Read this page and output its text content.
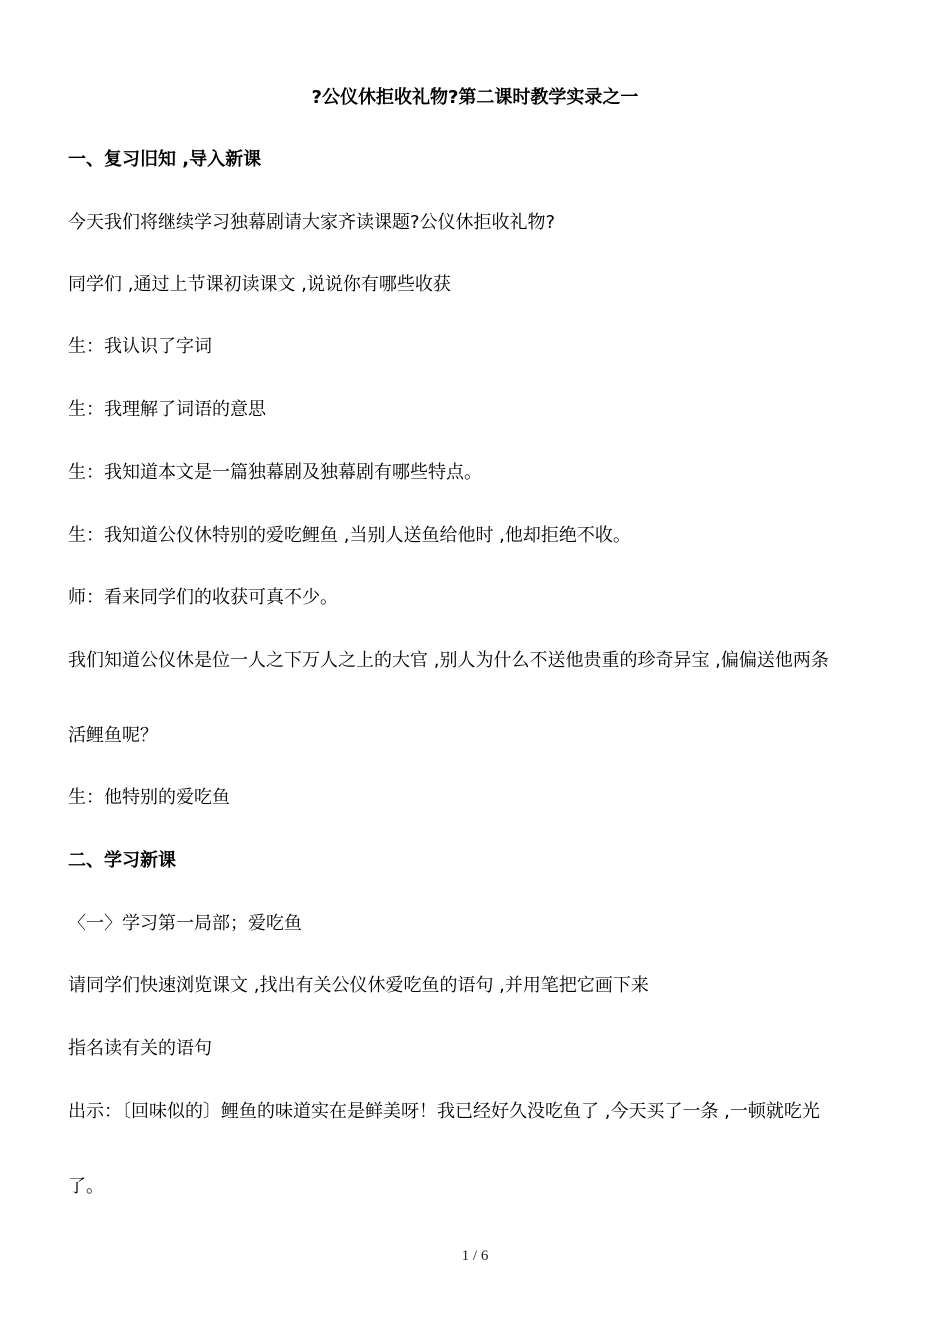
?公仪休拒收礼物?第二课时教学实录之一
一、复习旧知 ,导入新课
今天我们将继续学习独幕剧请大家齐读课题?公仪休拒收礼物?
同学们 ,通过上节课初读课文 ,说说你有哪些收获
生：我认识了字词
生：我理解了词语的意思
生：我知道本文是一篇独幕剧及独幕剧有哪些特点。
生：我知道公仪休特别的爱吃鲤鱼 ,当别人送鱼给他时 ,他却拒绝不收。
师：看来同学们的收获可真不少。
我们知道公仪休是位一人之下万人之上的大官 ,别人为什么不送他贵重的珍奇异宝 ,偏偏送他两条
活鲤鱼呢？
生：他特别的爱吃鱼
二、学习新课
〈一〉学习第一局部；爱吃鱼
请同学们快速浏览课文 ,找出有关公仪休爱吃鱼的语句 ,并用笔把它画下来
指名读有关的语句
出示：〔回味似的〕鲤鱼的味道实在是鲜美呀！我已经好久没吃鱼了 ,今天买了一条 ,一顿就吃光
了。
1 / 6
